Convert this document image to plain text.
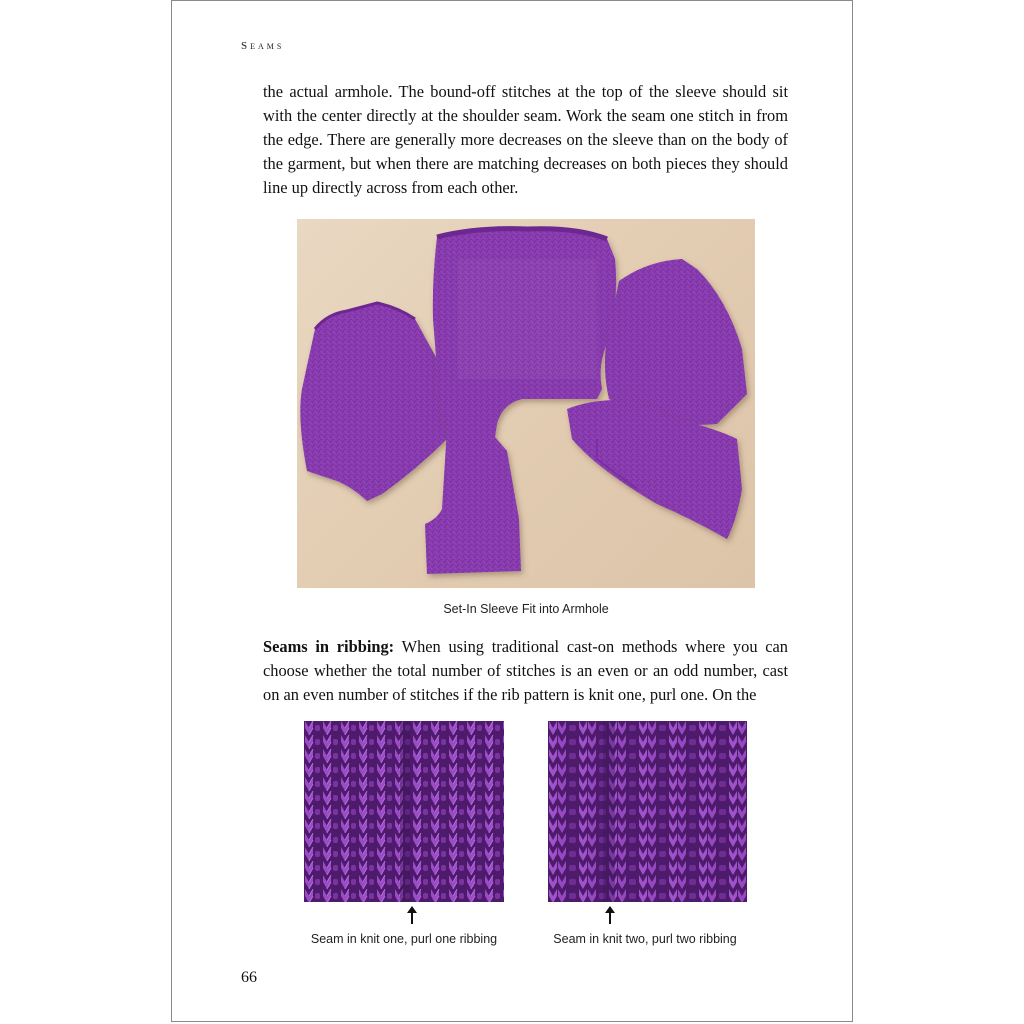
Seams

the actual armhole. The bound-off stitches at the top of the sleeve should sit with the center directly at the shoulder seam. Work the seam one stitch in from the edge. There are generally more decreases on the sleeve than on the body of the garment, but when there are matching decreases on both pieces they should line up directly across from each other.

Set-In Sleeve Fit into Armhole

Seams in ribbing: When using traditional cast-on methods where you can choose whether the total number of stitches is an even or an odd number, cast on an even number of stitches if the rib pattern is knit one, purl one. On the

Seam in knit one, purl one ribbing	Seam in knit two, purl two ribbing
66
